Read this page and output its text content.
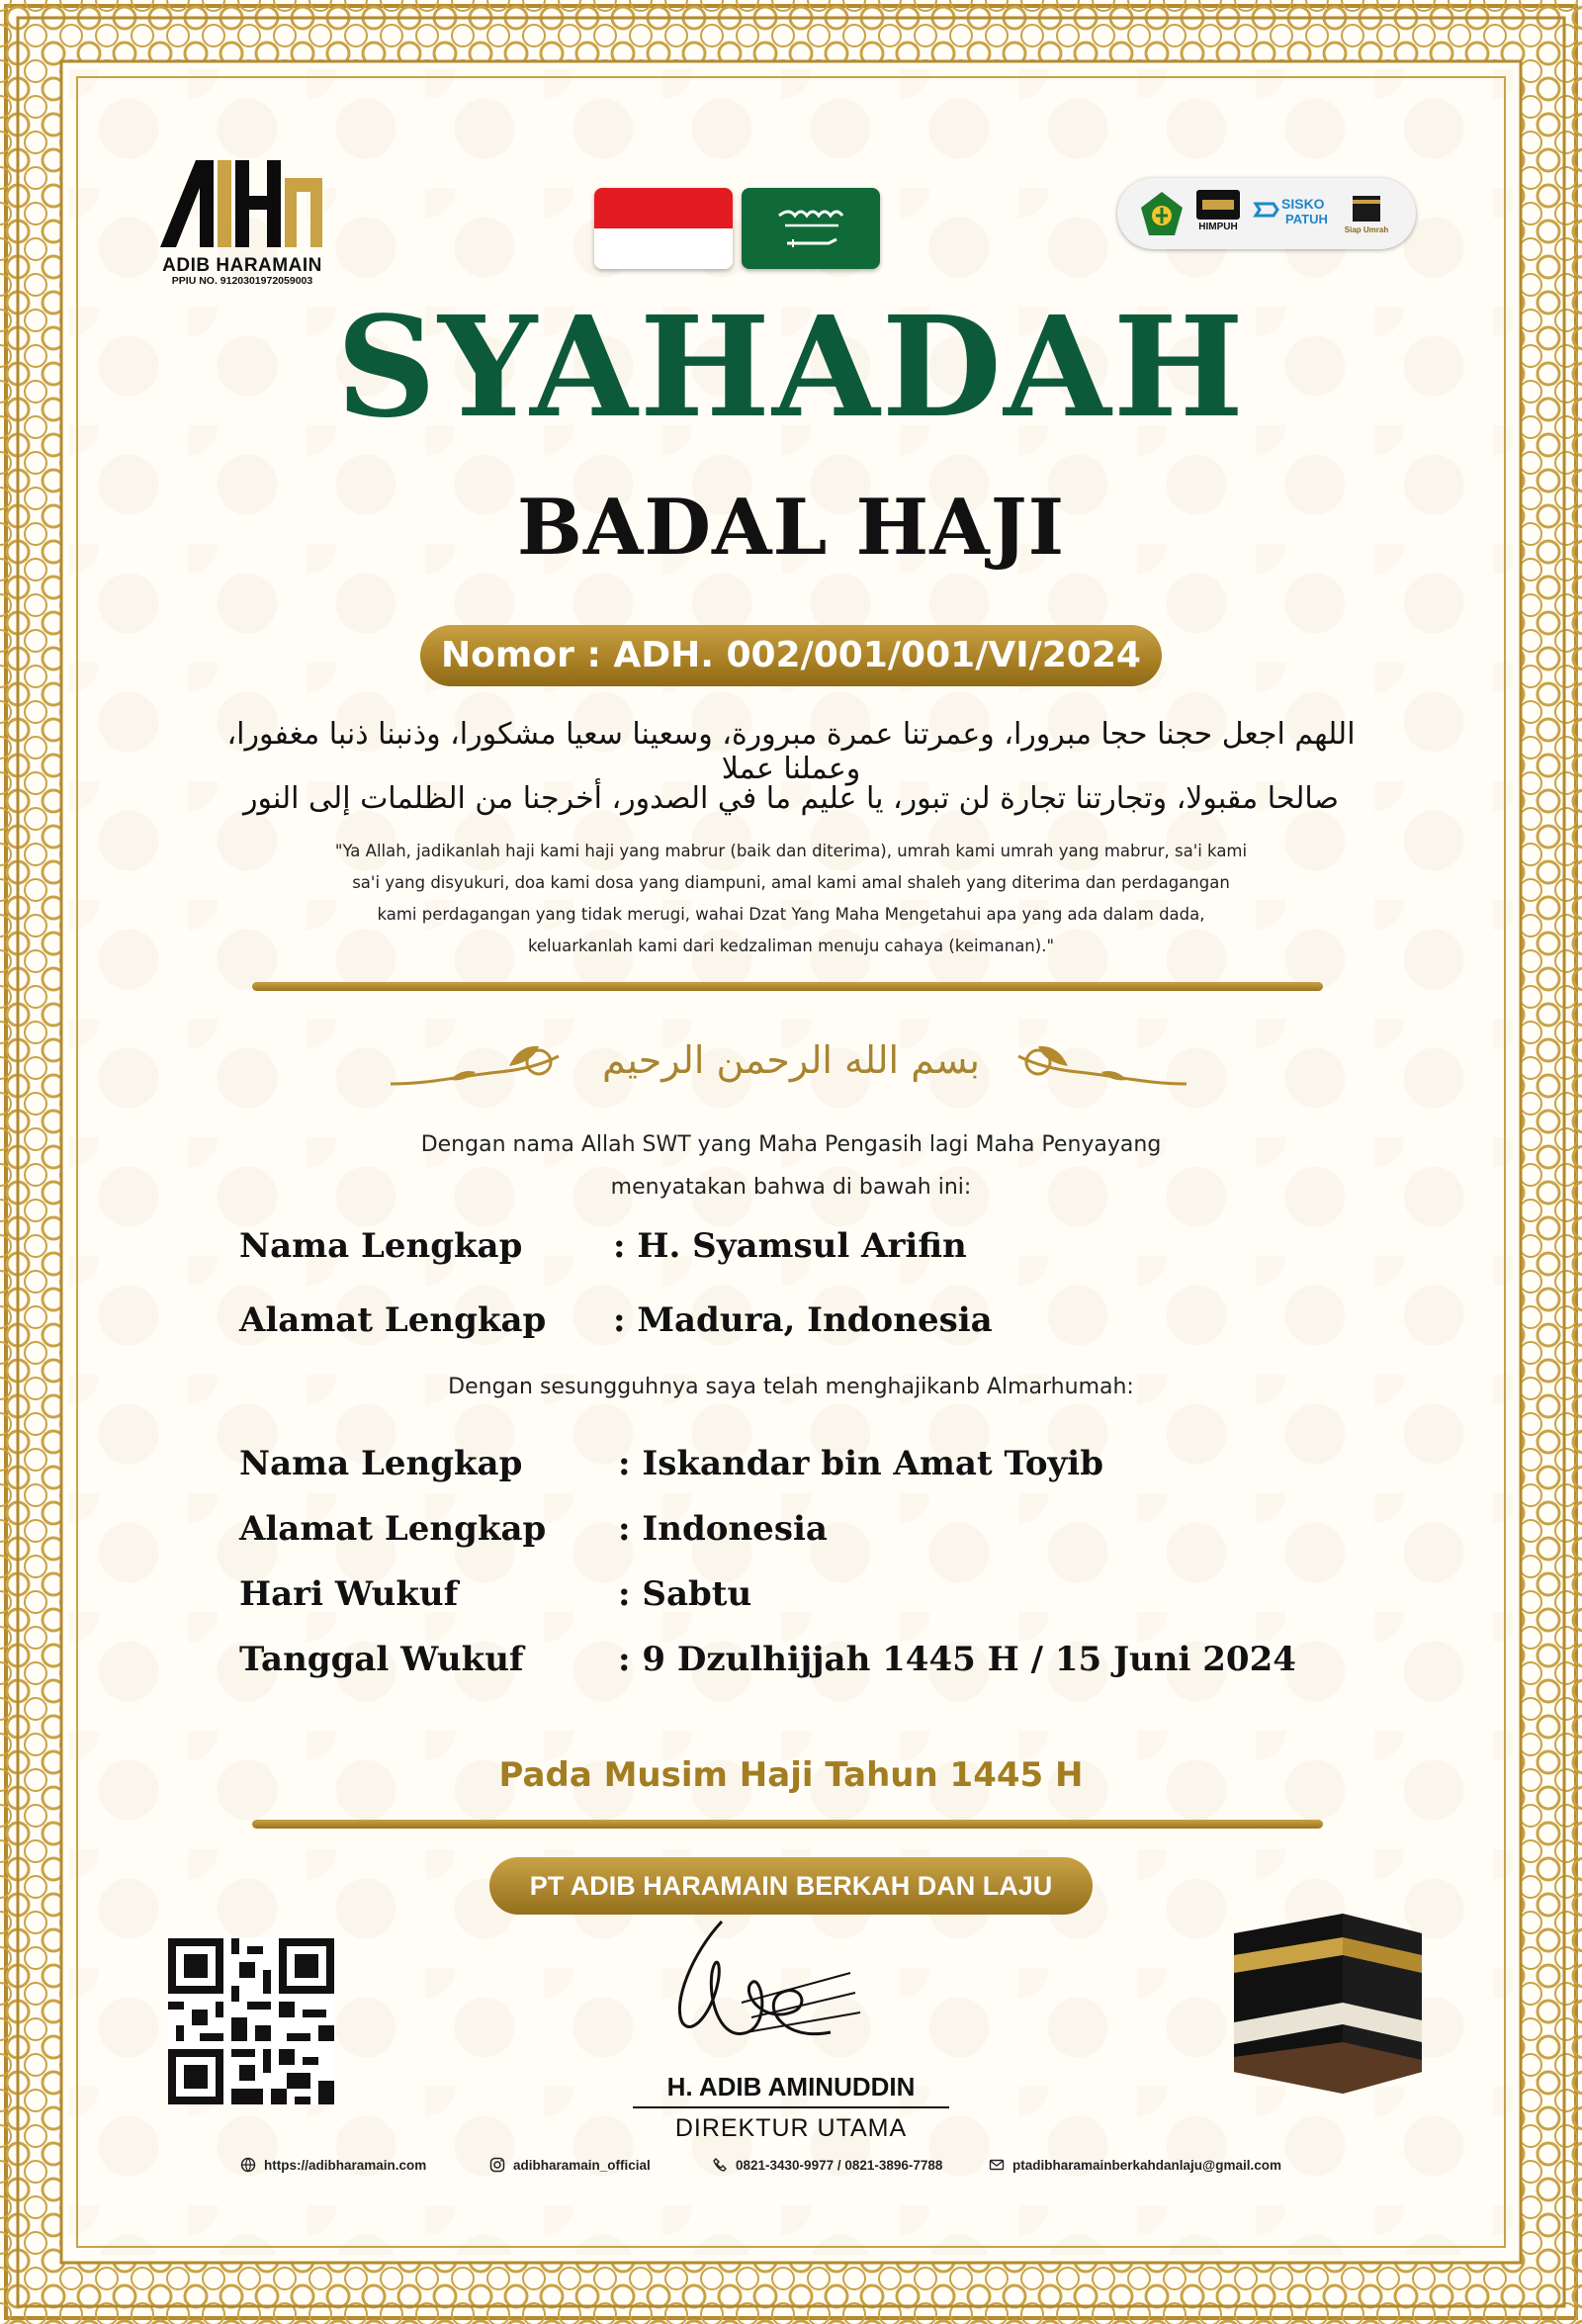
ADIB HARAMAIN
PPIU NO. 9120301972059003
HIMPUH
SISKO
PATUH
Siap Umrah
SYAHADAH
BADAL HAJI
Nomor : ADH. 002/001/001/VI/2024
اللهم اجعل حجنا حجا مبرورا، وعمرتنا عمرة مبرورة، وسعينا سعيا مشكورا، وذنبنا ذنبا مغفورا، وعملنا عملا
صالحا مقبولا، وتجارتنا تجارة لن تبور، يا عليم ما في الصدور، أخرجنا من الظلمات إلى النور
"Ya Allah, jadikanlah haji kami haji yang mabrur (baik dan diterima), umrah kami umrah yang mabrur, sa'i kami
sa'i yang disyukuri, doa kami dosa yang diampuni, amal kami amal shaleh yang diterima dan perdagangan
kami perdagangan yang tidak merugi, wahai Dzat Yang Maha Mengetahui apa yang ada dalam dada,
keluarkanlah kami dari kedzaliman menuju cahaya (keimanan)."
بسم الله الرحمن الرحيم
Dengan nama Allah SWT yang Maha Pengasih lagi Maha Penyayang
menyatakan bahwa di bawah ini:
Nama Lengkap	: H. Syamsul Arifin
Alamat Lengkap : Madura, Indonesia
Dengan sesungguhnya saya telah menghajikanb Almarhumah:
Nama Lengkap	: Iskandar bin Amat Toyib
Alamat Lengkap : Indonesia
Hari Wukuf	: Sabtu
Tanggal Wukuf	: 9 Dzulhijjah 1445 H / 15 Juni 2024
Pada Musim Haji Tahun 1445 H
PT ADIB HARAMAIN BERKAH DAN LAJU
H. ADIB AMINUDDIN
DIREKTUR UTAMA
https://adibharamain.com	adibharamain_official	0821-3430-9977 / 0821-3896-7788	ptadibharamainberkahdanlaju@gmail.com
